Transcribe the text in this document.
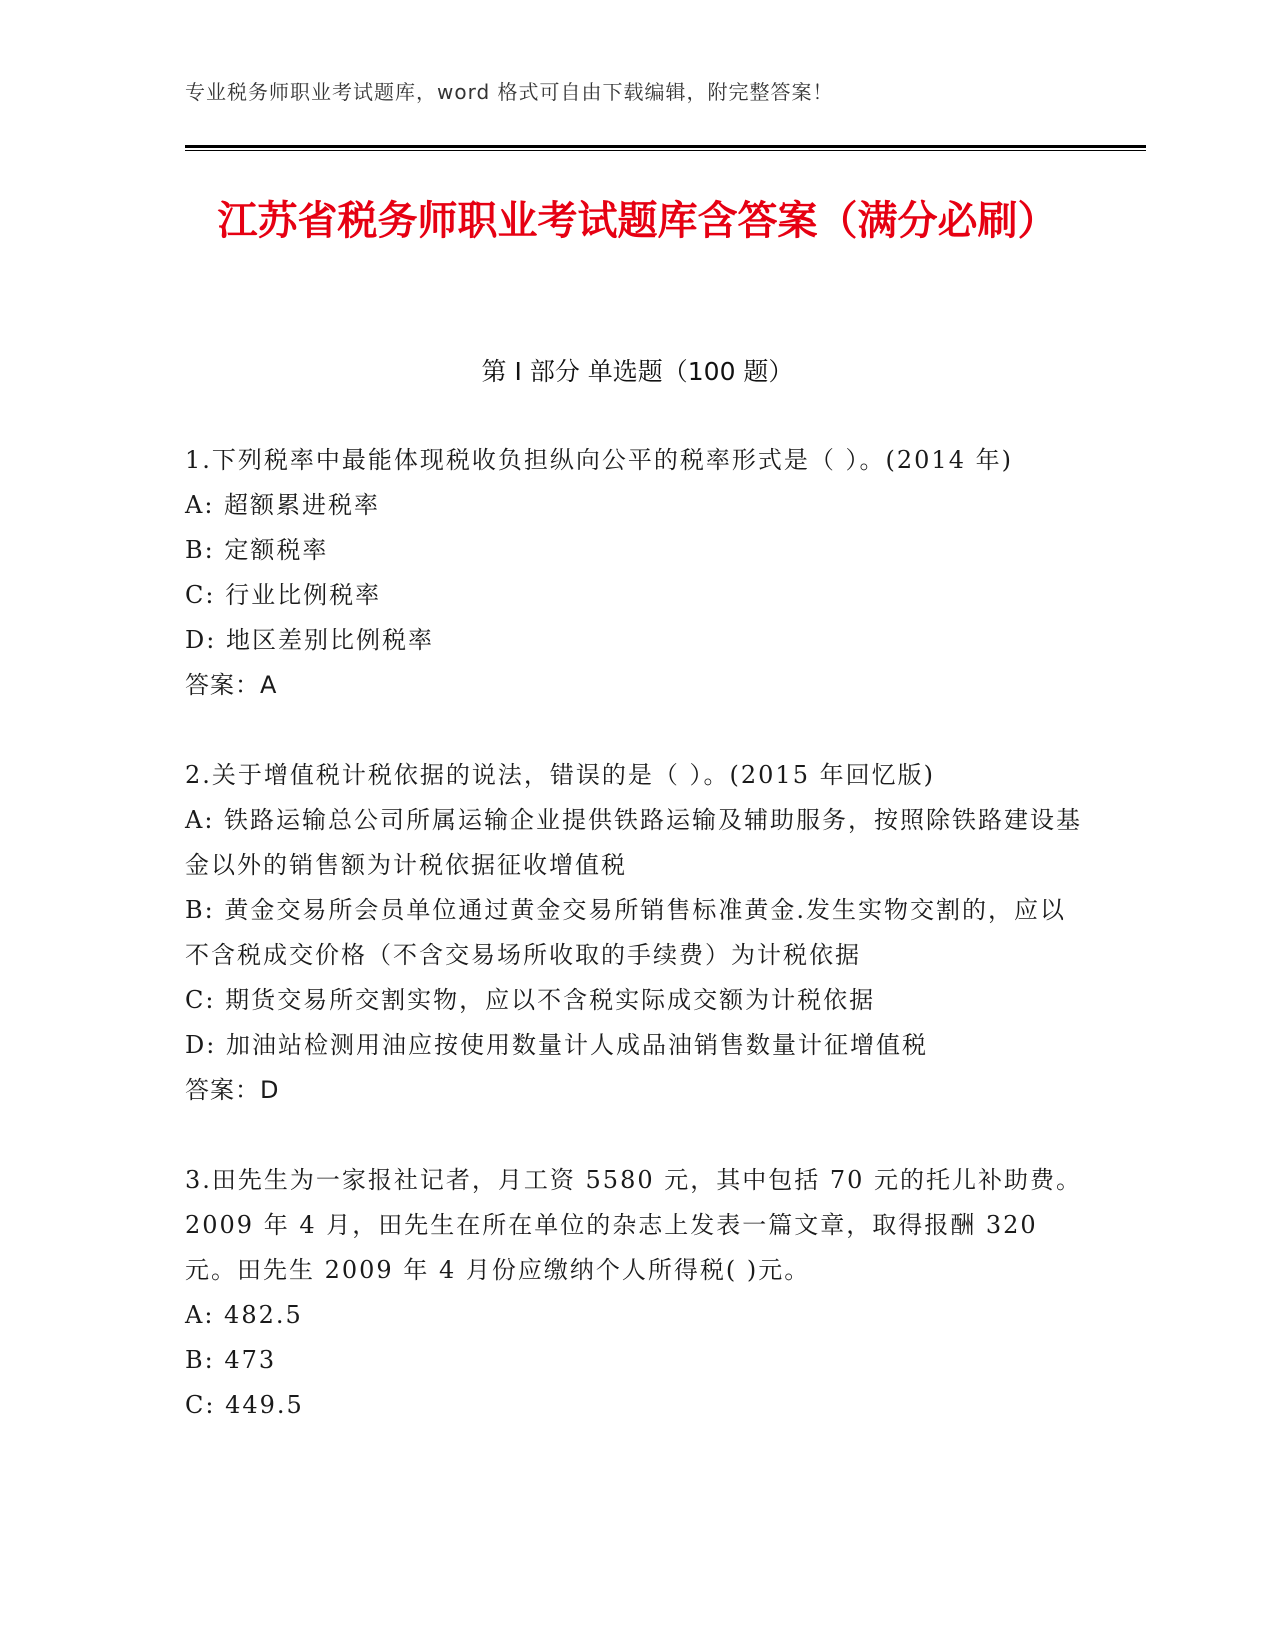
专业税务师职业考试题库，word 格式可自由下载编辑，附完整答案！
江苏省税务师职业考试题库含答案（满分必刷）
第 I 部分 单选题（100 题）

1.下列税率中最能体现税收负担纵向公平的税率形式是（ ）。(2014 年)

A: 超额累进税率

B: 定额税率

C: 行业比例税率

D: 地区差别比例税率

答案：A

2.关于增值税计税依据的说法，错误的是（ ）。(2015 年回忆版)

A: 铁路运输总公司所属运输企业提供铁路运输及辅助服务，按照除铁路建设基金以外的销售额为计税依据征收增值税

B: 黄金交易所会员单位通过黄金交易所销售标准黄金.发生实物交割的，应以不含税成交价格（不含交易场所收取的手续费）为计税依据

C: 期货交易所交割实物，应以不含税实际成交额为计税依据

D: 加油站检测用油应按使用数量计人成品油销售数量计征增值税

答案：D

3.田先生为一家报社记者，月工资 5580 元，其中包括 70 元的托儿补助费。2009 年 4 月，田先生在所在单位的杂志上发表一篇文章，取得报酬 320 元。田先生 2009 年 4 月份应缴纳个人所得税( )元。

A: 482.5

B: 473

C: 449.5
